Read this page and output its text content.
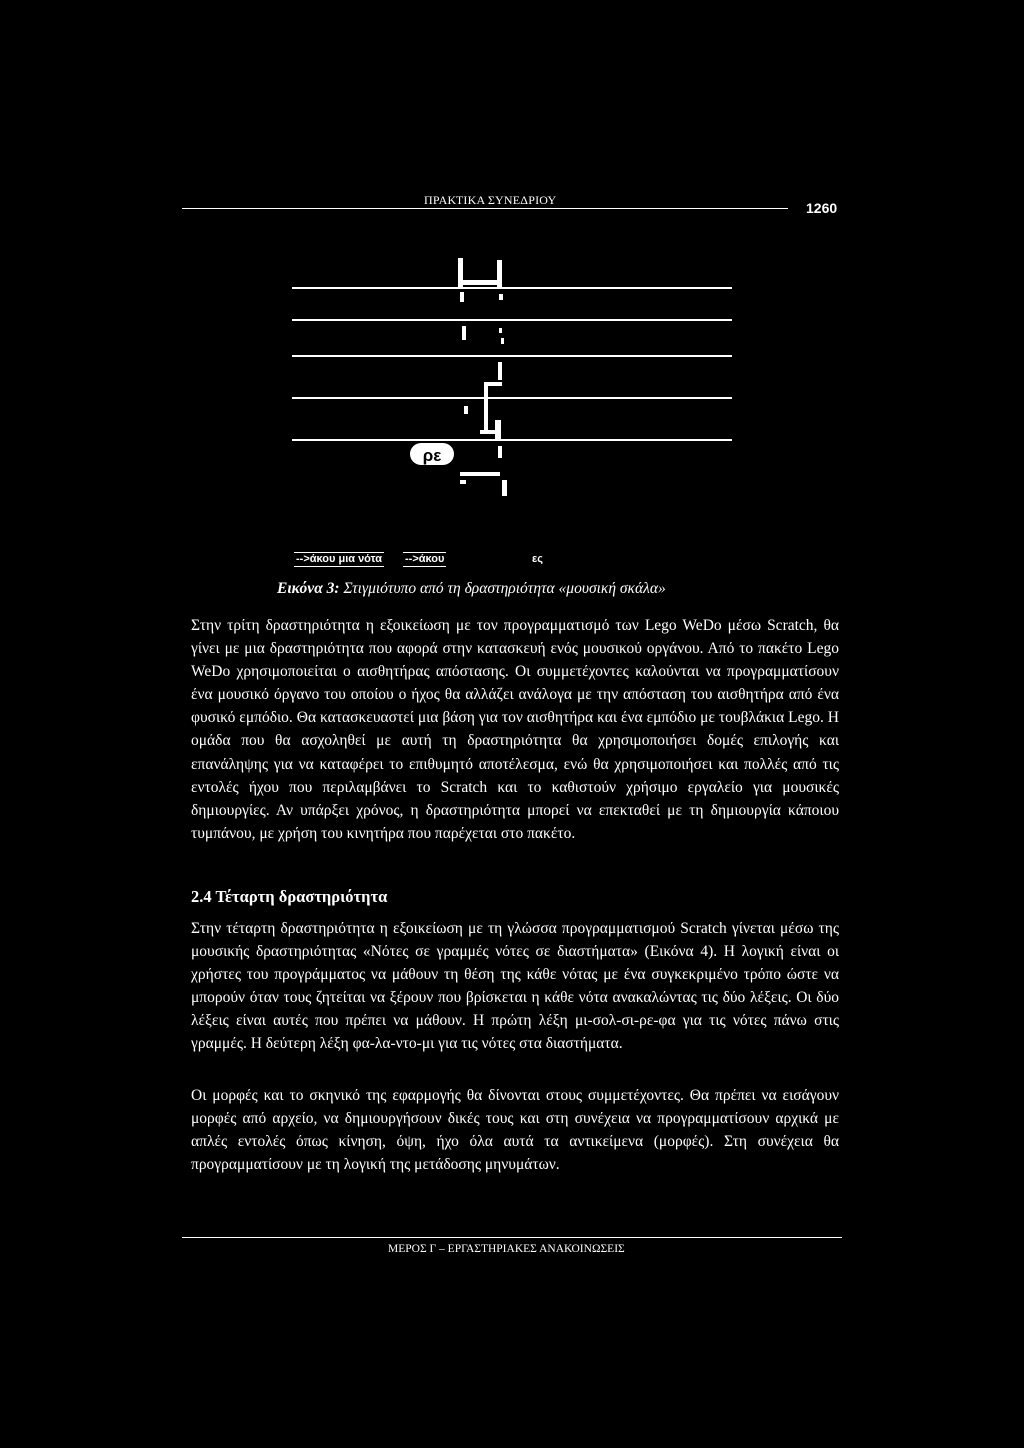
ΠΡΑΚΤΙΚΑ ΣΥΝΕΔΡΙΟΥ	1260
ρε
-->άκου μια νότα -->άκου	ες
Εικόνα 3: Στιγμιότυπο από τη δραστηριότητα «μουσική σκάλα»
Στην τρίτη δραστηριότητα η εξοικείωση με τον προγραμματισμό των Lego WeDo μέσω Scratch, θα γίνει με μια δραστηριότητα που αφορά στην κατασκευή ενός μουσικού οργάνου. Από το πακέτο Lego WeDo χρησιμοποιείται ο αισθητήρας απόστασης. Οι συμμετέχοντες καλούνται να προγραμματίσουν ένα μουσικό όργανο του οποίου ο ήχος θα αλλάζει ανάλογα με την απόσταση του αισθητήρα από ένα φυσικό εμπόδιο. Θα κατασκευαστεί μια βάση για τον αισθητήρα και ένα εμπόδιο με τουβλάκια Lego. Η ομάδα που θα ασχοληθεί με αυτή τη δραστηριότητα θα χρησιμοποιήσει δομές επιλογής και επανάληψης για να καταφέρει το επιθυμητό αποτέλεσμα, ενώ θα χρησιμοποιήσει και πολλές από τις εντολές ήχου που περιλαμβάνει το Scratch και το καθιστούν χρήσιμο εργαλείο για μουσικές δημιουργίες. Αν υπάρξει χρόνος, η δραστηριότητα μπορεί να επεκταθεί με τη δημιουργία κάποιου τυμπάνου, με χρήση του κινητήρα που παρέχεται στο πακέτο.
2.4 Τέταρτη δραστηριότητα
Στην τέταρτη δραστηριότητα η εξοικείωση με τη γλώσσα προγραμματισμού Scratch γίνεται μέσω της μουσικής δραστηριότητας «Νότες σε γραμμές νότες σε διαστήματα» (Εικόνα 4). Η λογική είναι οι χρήστες του προγράμματος να μάθουν τη θέση της κάθε νότας με ένα συγκεκριμένο τρόπο ώστε να μπορούν όταν τους ζητείται να ξέρουν που βρίσκεται η κάθε νότα ανακαλώντας τις δύο λέξεις. Οι δύο λέξεις είναι αυτές που πρέπει να μάθουν. Η πρώτη λέξη μι-σολ-σι-ρε-φα για τις νότες πάνω στις γραμμές. Η δεύτερη λέξη φα-λα-ντο-μι για τις νότες στα διαστήματα.
Οι μορφές και το σκηνικό της εφαρμογής θα δίνονται στους συμμετέχοντες. Θα πρέπει να εισάγουν μορφές από αρχείο, να δημιουργήσουν δικές τους και στη συνέχεια να προγραμματίσουν αρχικά με απλές εντολές όπως κίνηση, όψη, ήχο όλα αυτά τα αντικείμενα (μορφές). Στη συνέχεια θα προγραμματίσουν με τη λογική της μετάδοσης μηνυμάτων.
ΜΕΡΟΣ Γ – ΕΡΓΑΣΤΗΡΙΑΚΕΣ ΑΝΑΚΟΙΝΩΣΕΙΣ
